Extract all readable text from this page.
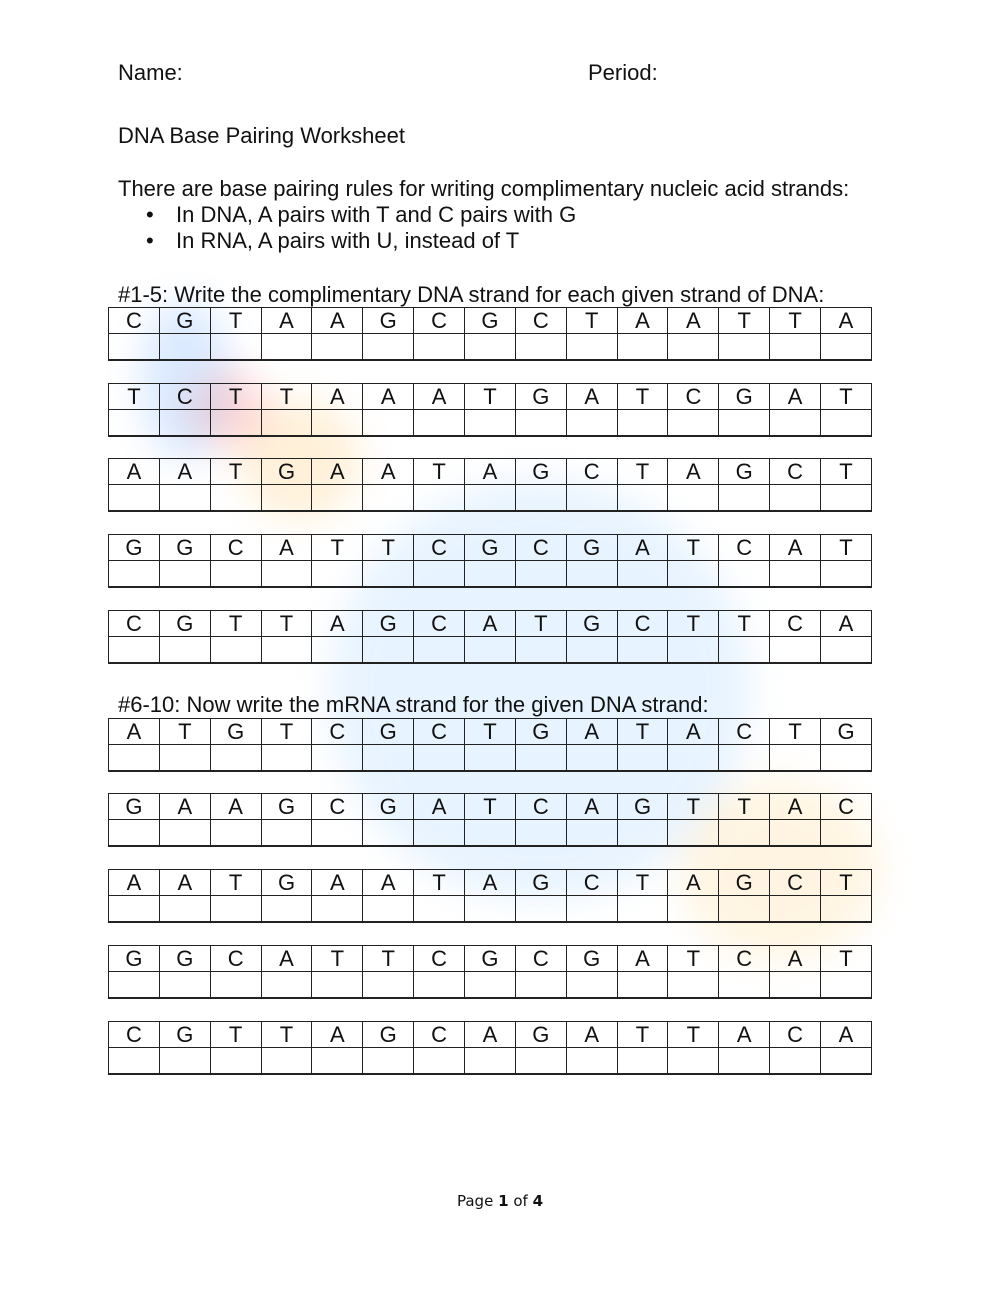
Name:	Period:
DNA Base Pairing Worksheet
There are base pairing rules for writing complimentary nucleic acid strands:
• In DNA, A pairs with T and C pairs with G
• In RNA, A pairs with U, instead of T
#1-5: Write the complimentary DNA strand for each given strand of DNA:
C	G	T	A	A	G	C	G	C	T	A	A	T	T	A

T	C	T	T	A	A	A	T	G	A	T	C	G	A	T

A	A	T	G	A	A	T	A	G	C	T	A	G	C	T

G	G	C	A	T	T	C	G	C	G	A	T	C	A	T

C	G	T	T	A	G	C	A	T	G	C	T	T	C	A

#6-10: Now write the mRNA strand for the given DNA strand:
A	T	G	T	C	G	C	T	G	A	T	A	C	T	G

G	A	A	G	C	G	A	T	C	A	G	T	T	A	C

A	A	T	G	A	A	T	A	G	C	T	A	G	C	T

G	G	C	A	T	T	C	G	C	G	A	T	C	A	T

C	G	T	T	A	G	C	A	G	A	T	T	A	C	A

Page 1 of 4
